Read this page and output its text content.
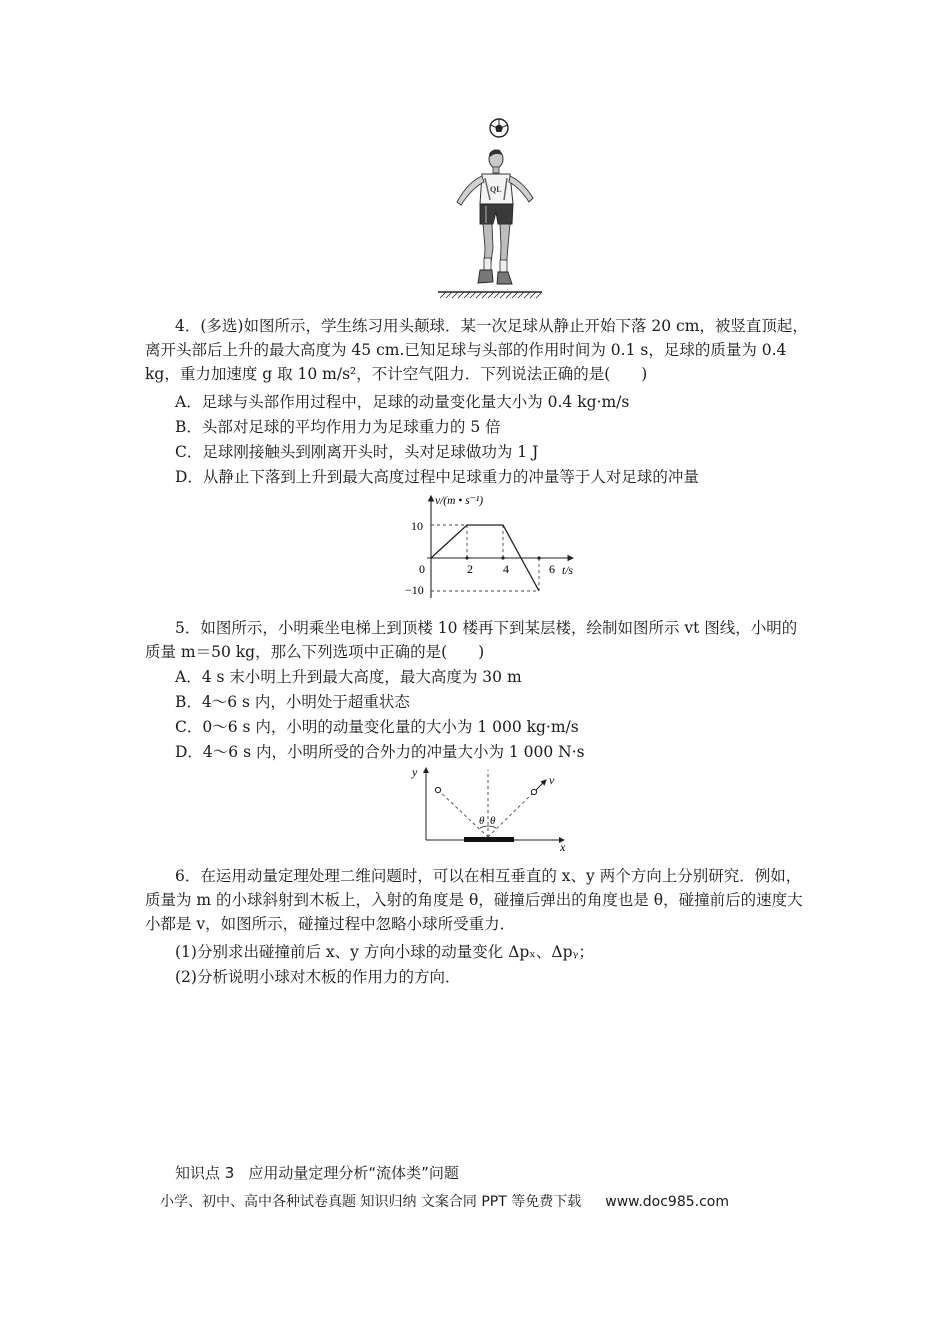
QL
4．(多选)如图所示，学生练习用头颠球．某一次足球从静止开始下落 20 cm，被竖直顶起，离开头部后上升的最大高度为 45 cm.已知足球与头部的作用时间为 0.1 s，足球的质量为 0.4 kg，重力加速度 g 取 10 m/s²，不计空气阻力．下列说法正确的是(　　)
A．足球与头部作用过程中，足球的动量变化量大小为 0.4 kg·m/s
B．头部对足球的平均作用力为足球重力的 5 倍
C．足球刚接触头到刚离开头时，头对足球做功为 1 J
D．从静止下落到上升到最大高度过程中足球重力的冲量等于人对足球的冲量
v/(m • s⁻¹)
t/s
0
10
−10
2	4	6
5．如图所示，小明乘坐电梯上到顶楼 10 楼再下到某层楼，绘制如图所示 vt 图线，小明的质量 m＝50 kg，那么下列选项中正确的是(　　)
A．4 s 末小明上升到最大高度，最大高度为 30 m
B．4～6 s 内，小明处于超重状态
C．0～6 s 内，小明的动量变化量的大小为 1 000 kg·m/s
D．4～6 s 内，小明所受的合外力的冲量大小为 1 000 N·s
y
x
v
θ θ
6．在运用动量定理处理二维问题时，可以在相互垂直的 x、y 两个方向上分别研究．例如，质量为 m 的小球斜射到木板上，入射的角度是 θ，碰撞后弹出的角度也是 θ，碰撞前后的速度大小都是 v，如图所示，碰撞过程中忽略小球所受重力．
(1)分别求出碰撞前后 x、y 方向小球的动量变化 Δpₓ、Δpᵧ；
(2)分析说明小球对木板的作用力的方向．
知识点 3 应用动量定理分析“流体类”问题
小学、初中、高中各种试卷真题 知识归纳 文案合同 PPT 等免费下载 www.doc985.com
